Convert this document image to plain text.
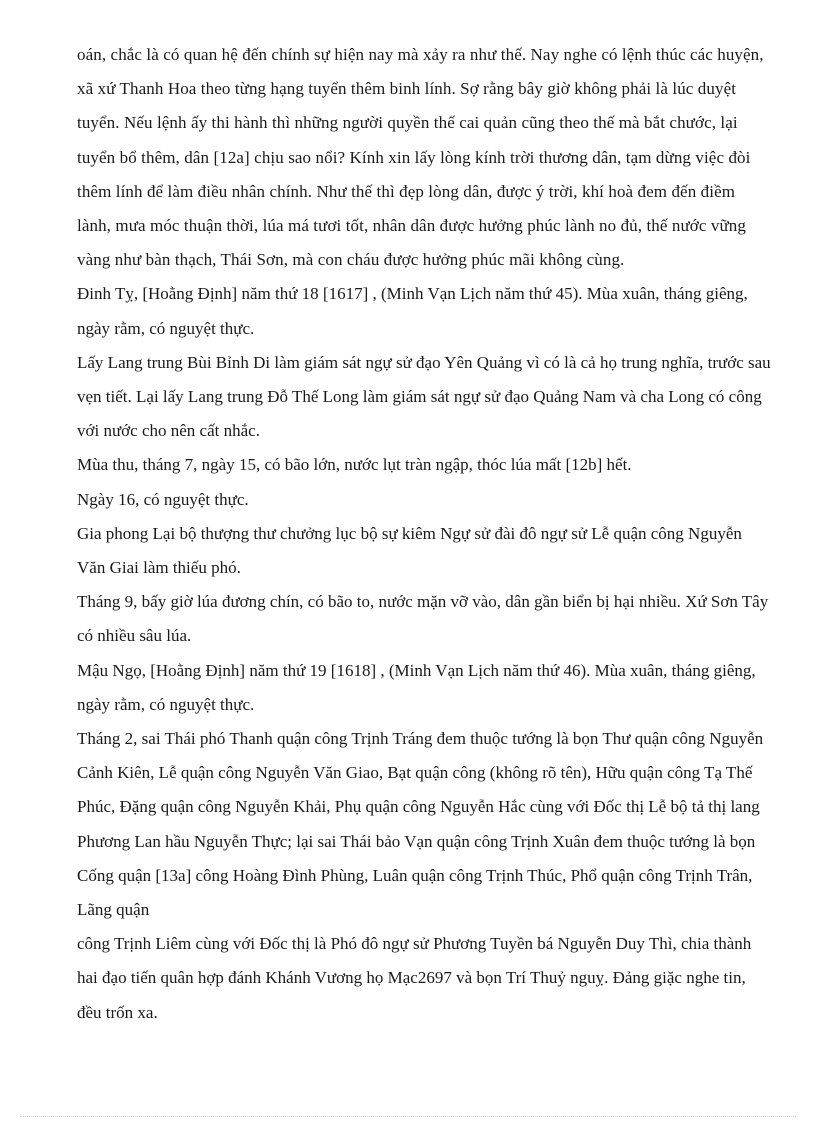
oán, chắc là có quan hệ đến chính sự hiện nay mà xảy ra như thế. Nay nghe có lệnh thúc các huyện, xã xứ Thanh Hoa theo từng hạng tuyển thêm binh lính. Sợ rằng bây giờ không phải là lúc duyệt tuyển. Nếu lệnh ấy thi hành thì những người quyền thế cai quản cũng theo thế mà bắt chước, lại tuyển bổ thêm, dân [12a] chịu sao nổi? Kính xin lấy lòng kính trời thương dân, tạm dừng việc đòi thêm lính để làm điều nhân chính. Như thế thì đẹp lòng dân, được ý trời, khí hoà đem đến điềm lành, mưa móc thuận thời, lúa má tươi tốt, nhân dân được hưởng phúc lành no đủ, thế nước vững vàng như bàn thạch, Thái Sơn, mà con cháu được hưởng phúc mãi không cùng.

Đinh Tỵ, [Hoằng Định] năm thứ 18 [1617] , (Minh Vạn Lịch năm thứ 45). Mùa xuân, tháng giêng, ngày rằm, có nguyệt thực.

Lấy Lang trung Bùi Bỉnh Di làm giám sát ngự sử đạo Yên Quảng vì có là cả họ trung nghĩa, trước sau vẹn tiết. Lại lấy Lang trung Đỗ Thế Long làm giám sát ngự sử đạo Quảng Nam và cha Long có công với nước cho nên cất nhắc.

Mùa thu, tháng 7, ngày 15, có bão lớn, nước lụt tràn ngập, thóc lúa mất [12b] hết.

Ngày 16, có nguyệt thực.

Gia phong Lại bộ thượng thư chưởng lục bộ sự kiêm Ngự sử đài đô ngự sử Lễ quận công Nguyễn Văn Giai làm thiếu phó.

Tháng 9, bấy giờ lúa đương chín, có bão to, nước mặn vỡ vào, dân gần biển bị hại nhiều. Xứ Sơn Tây có nhiều sâu lúa.

Mậu Ngọ, [Hoằng Định] năm thứ 19 [1618] , (Minh Vạn Lịch năm thứ 46). Mùa xuân, tháng giêng, ngày rằm, có nguyệt thực.

Tháng 2, sai Thái phó Thanh quận công Trịnh Tráng đem thuộc tướng là bọn Thư quận công Nguyễn Cảnh Kiên, Lễ quận công Nguyễn Văn Giao, Bạt quận công (không rõ tên), Hữu quận công Tạ Thế Phúc, Đặng quận công Nguyễn Khải, Phụ quận công Nguyễn Hắc cùng với Đốc thị Lễ bộ tả thị lang Phương Lan hầu Nguyễn Thực; lại sai Thái bảo Vạn quận công Trịnh Xuân đem thuộc tướng là bọn Cống quận [13a] công Hoàng Đình Phùng, Luân quận công Trịnh Thúc, Phổ quận công Trịnh Trân, Lãng quận

công Trịnh Liêm cùng với Đốc thị là Phó đô ngự sử Phương Tuyền bá Nguyễn Duy Thì, chia thành hai đạo tiến quân hợp đánh Khánh Vương họ Mạc2697 và bọn Trí Thuỷ nguỵ. Đảng giặc nghe tin, đều trốn xa.
